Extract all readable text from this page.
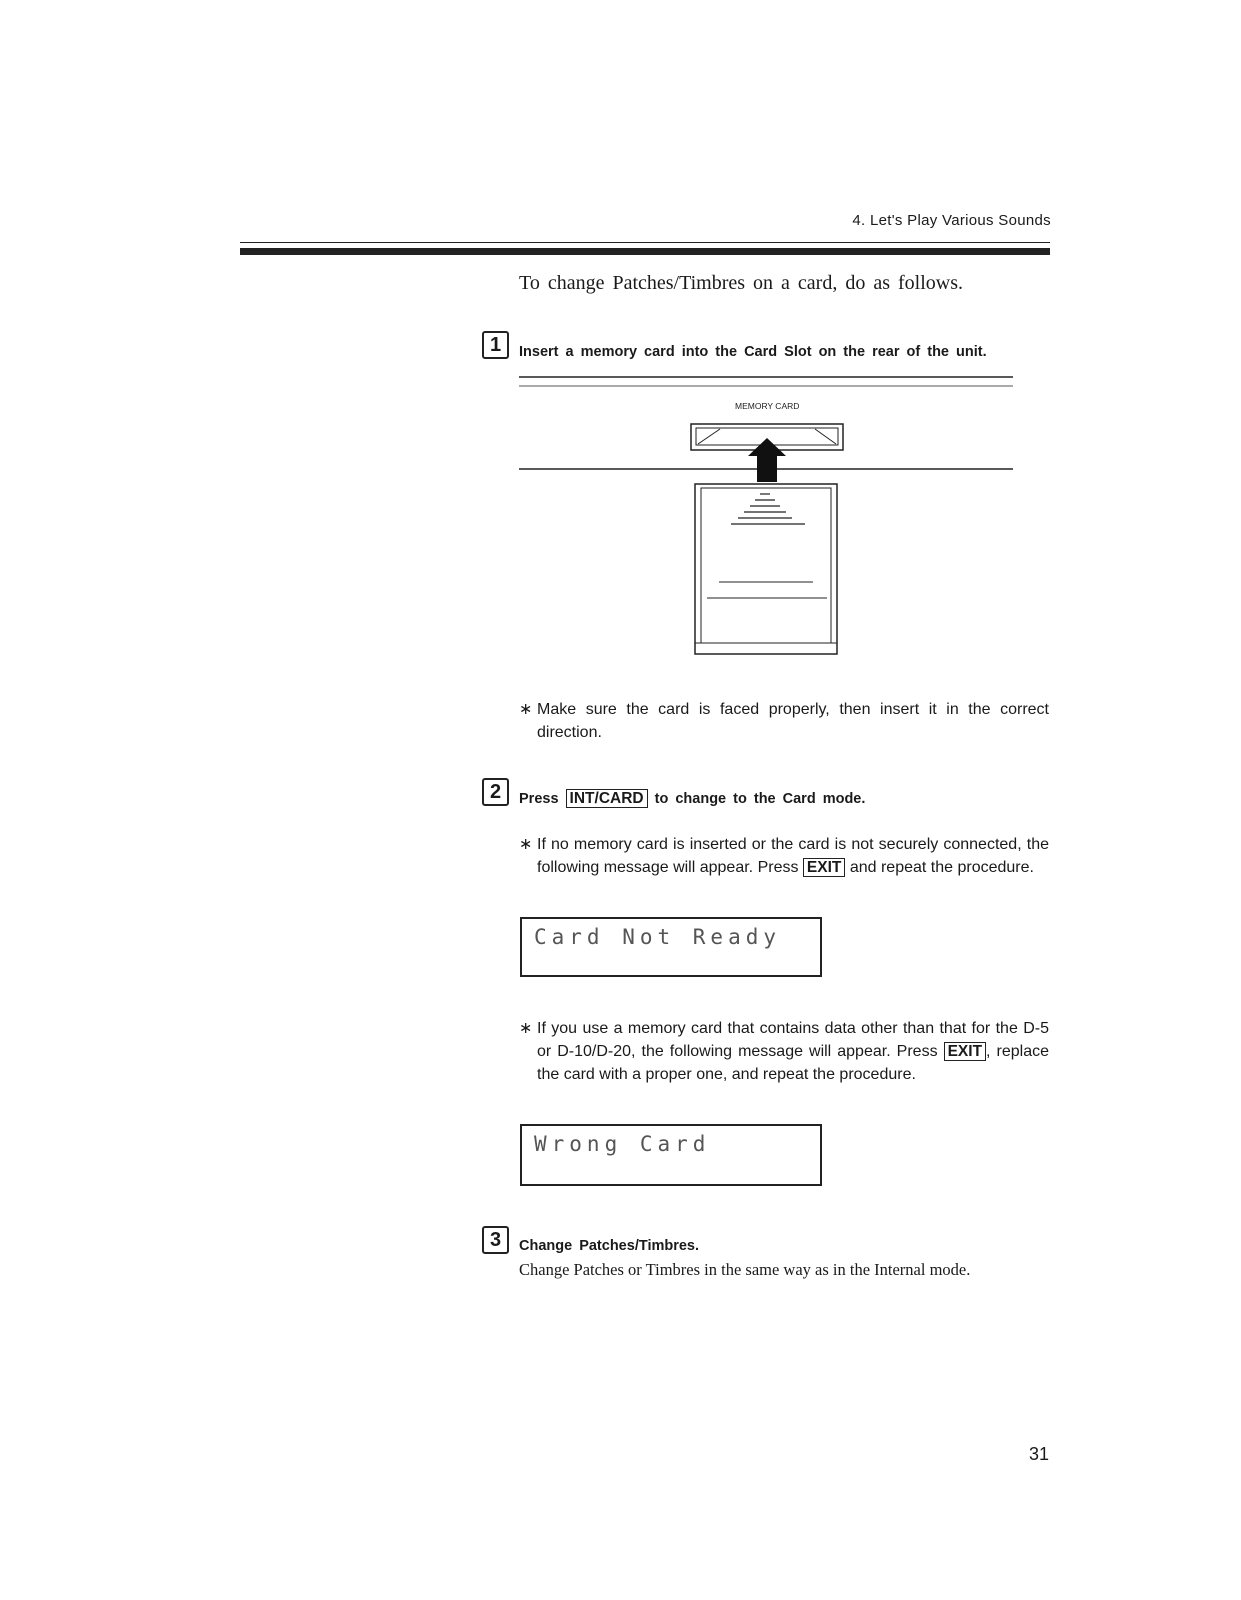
4. Let's Play Various Sounds
To change Patches/Timbres on a card, do as follows.
1	Insert a memory card into the Card Slot on the rear of the unit.
MEMORY CARD
∗ Make sure the card is faced properly, then insert it in the correct direction.
2	Press INT/CARD to change to the Card mode.
∗ If no memory card is inserted or the card is not securely connected, the following message will appear. Press EXIT and repeat the procedure.
Card Not Ready
∗ If you use a memory card that contains data other than that for the D-5 or D-10/D-20, the following message will appear. Press EXIT , replace the card with a proper one, and repeat the procedure.
Wrong Card
3	Change Patches/Timbres.
Change Patches or Timbres in the same way as in the Internal mode.
31
